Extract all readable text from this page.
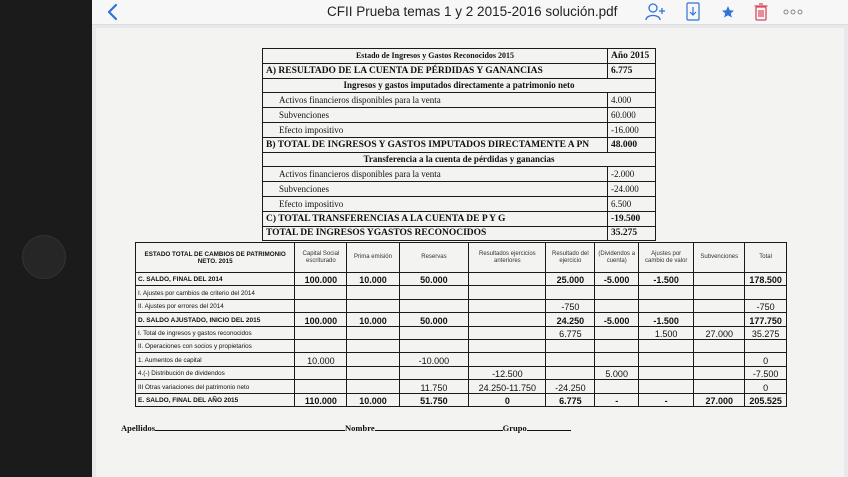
CFII Prueba temas 1 y 2 2015-2016 solución.pdf
Estado de Ingresos y Gastos Reconocidos 2015	Año 2015
A) RESULTADO DE LA CUENTA DE PÉRDIDAS Y GANANCIAS	6.775
Ingresos y gastos imputados directamente a patrimonio neto	
Activos financieros disponibles para la venta	4.000
Subvenciones	60.000
Efecto impositivo	-16.000
B) TOTAL DE INGRESOS Y GASTOS IMPUTADOS DIRECTAMENTE A PN	48.000
Transferencia a la cuenta de pérdidas y ganancias	
Activos financieros disponibles para la venta	-2.000
Subvenciones	-24.000
Efecto impositivo	6.500
C) TOTAL TRANSFERENCIAS A LA CUENTA DE P Y G	-19.500
TOTAL DE INGRESOS YGASTOS RECONOCIDOS	35.275
ESTADO TOTAL DE CAMBIOS DE PATRIMONIO NETO. 2015	Capital Social escriturado	Prima emisión	Reservas	Resultados ejercicios anteriores	Resultado del ejercicio	(Dividendos a cuenta)	Ajustes por cambio de valor	Subvenciones	Total
C. SALDO, FINAL DEL 2014	100.000	10.000	50.000		25.000	-5.000	-1.500		178.500
I. Ajustes por cambios de criterio del 2014									
II. Ajustes por errores del 2014					-750				-750
D. SALDO AJUSTADO, INICIO DEL 2015	100.000	10.000	50.000		24.250	-5.000	-1.500		177.750
I. Total de ingresos y gastos reconocidos					6.775		1.500	27.000	35.275
II. Operaciones con socios y propietarios									
1. Aumentos de capital	10.000		-10.000						0
4.(-) Distribución de dividendos				-12.500		5.000			-7.500
III Otras variaciones del patrimonio neto			11.750	24.250-11.750	-24.250				0
E. SALDO, FINAL DEL AÑO 2015	110.000	10.000	51.750	0	6.775	-	-	27.000	205.525
Apellidos	Nombre	Grupo
